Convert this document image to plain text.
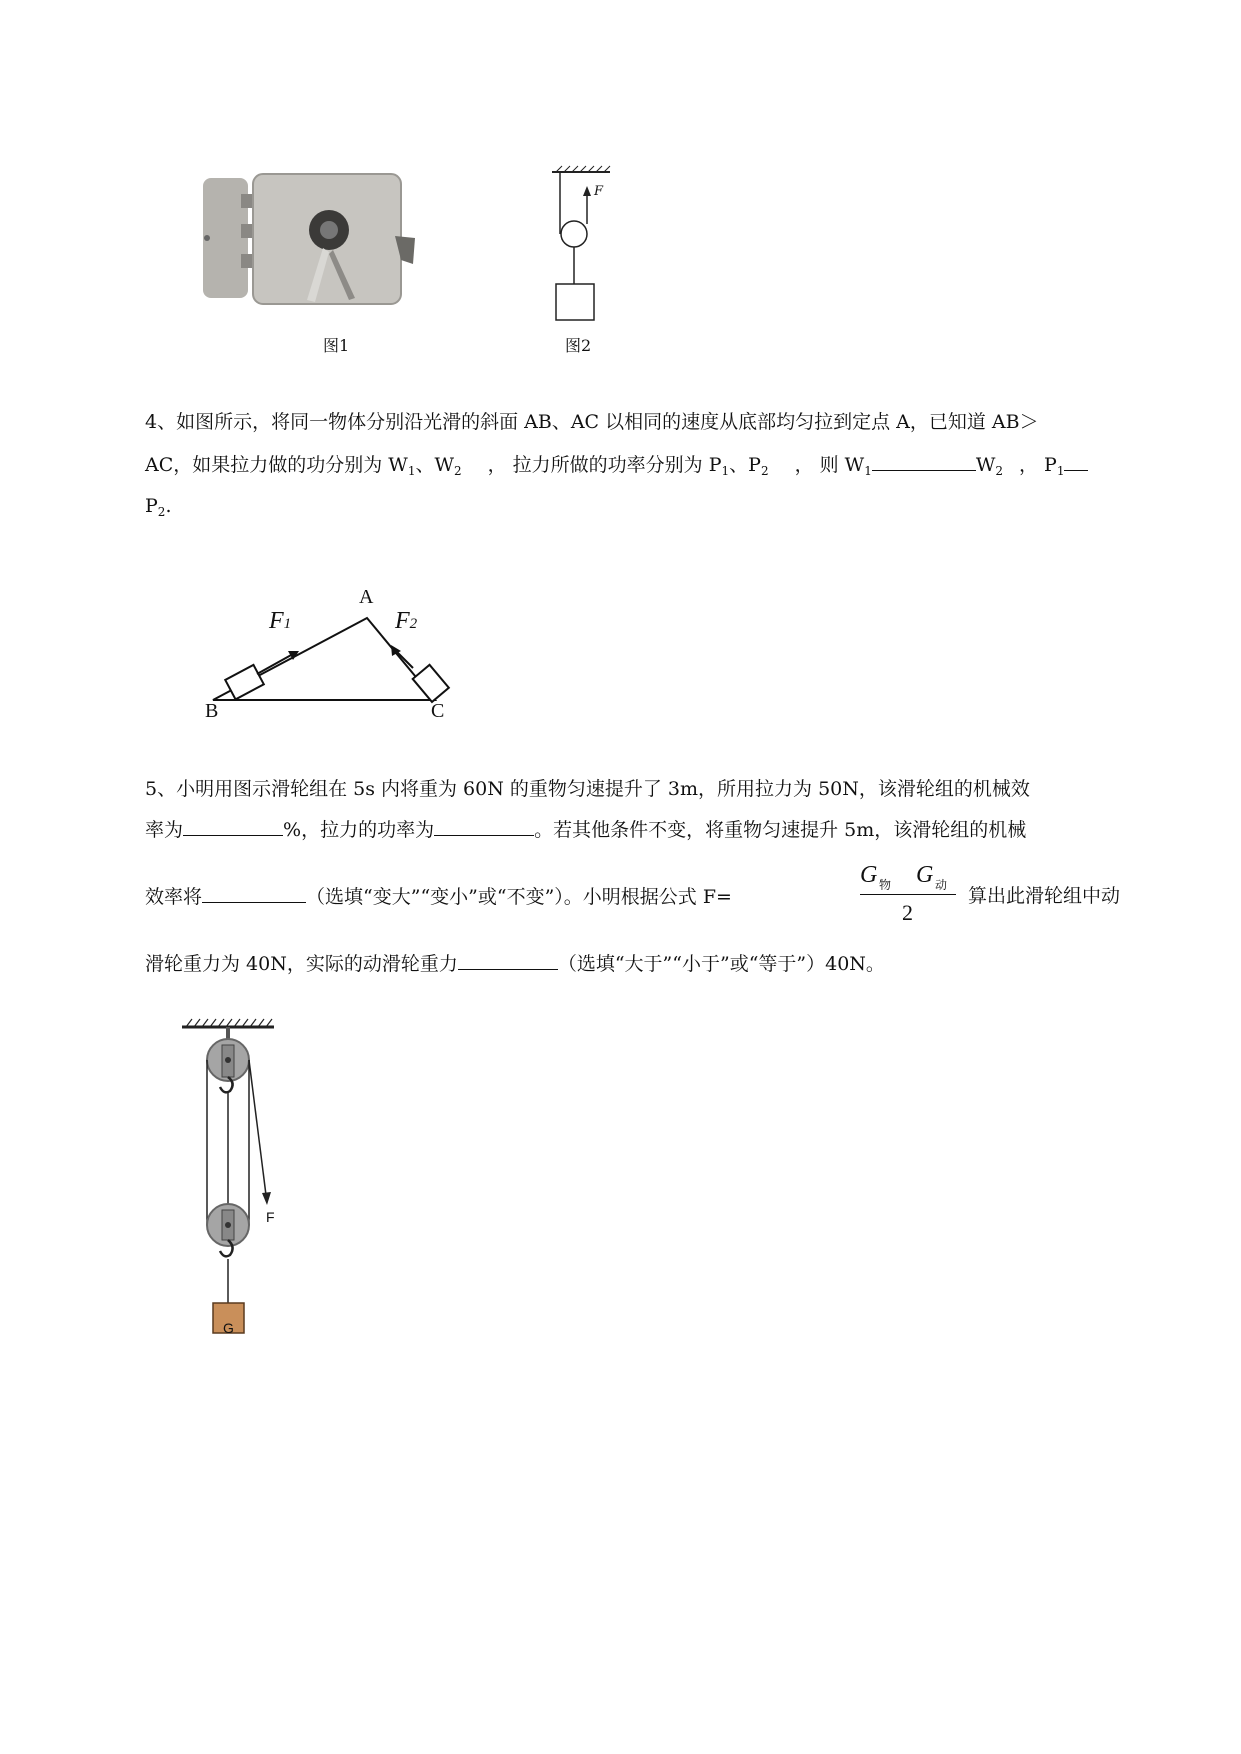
图1
F
图2
4、如图所示，将同一物体分别沿光滑的斜面 AB、AC 以相同的速度从底部均匀拉到定点 A，已知道 AB＞
AC，如果拉力做的功分别为 $W_1$、$W_2$ ， 拉力所做的功率分别为 $P_1$、$P_2$ ， 则 $W_1$	$W_2$ ， $P_1$
$P_2$.
A
B	C
F1	F2
5、小明用图示滑轮组在 5s 内将重为 60N 的重物匀速提升了 3m，所用拉力为 50N，该滑轮组的机械效
率为	%，拉力的功率为	。若其他条件不变，将重物匀速提升 5m，该滑轮组的机械
效率将	（选填“变大”“变小”或“不变”）。小明根据公式 F=
G 物 G 动
2
算出此滑轮组中动
滑轮重力为 40N，实际的动滑轮重力	（选填“大于”“小于”或“等于”）40N。
F
G
